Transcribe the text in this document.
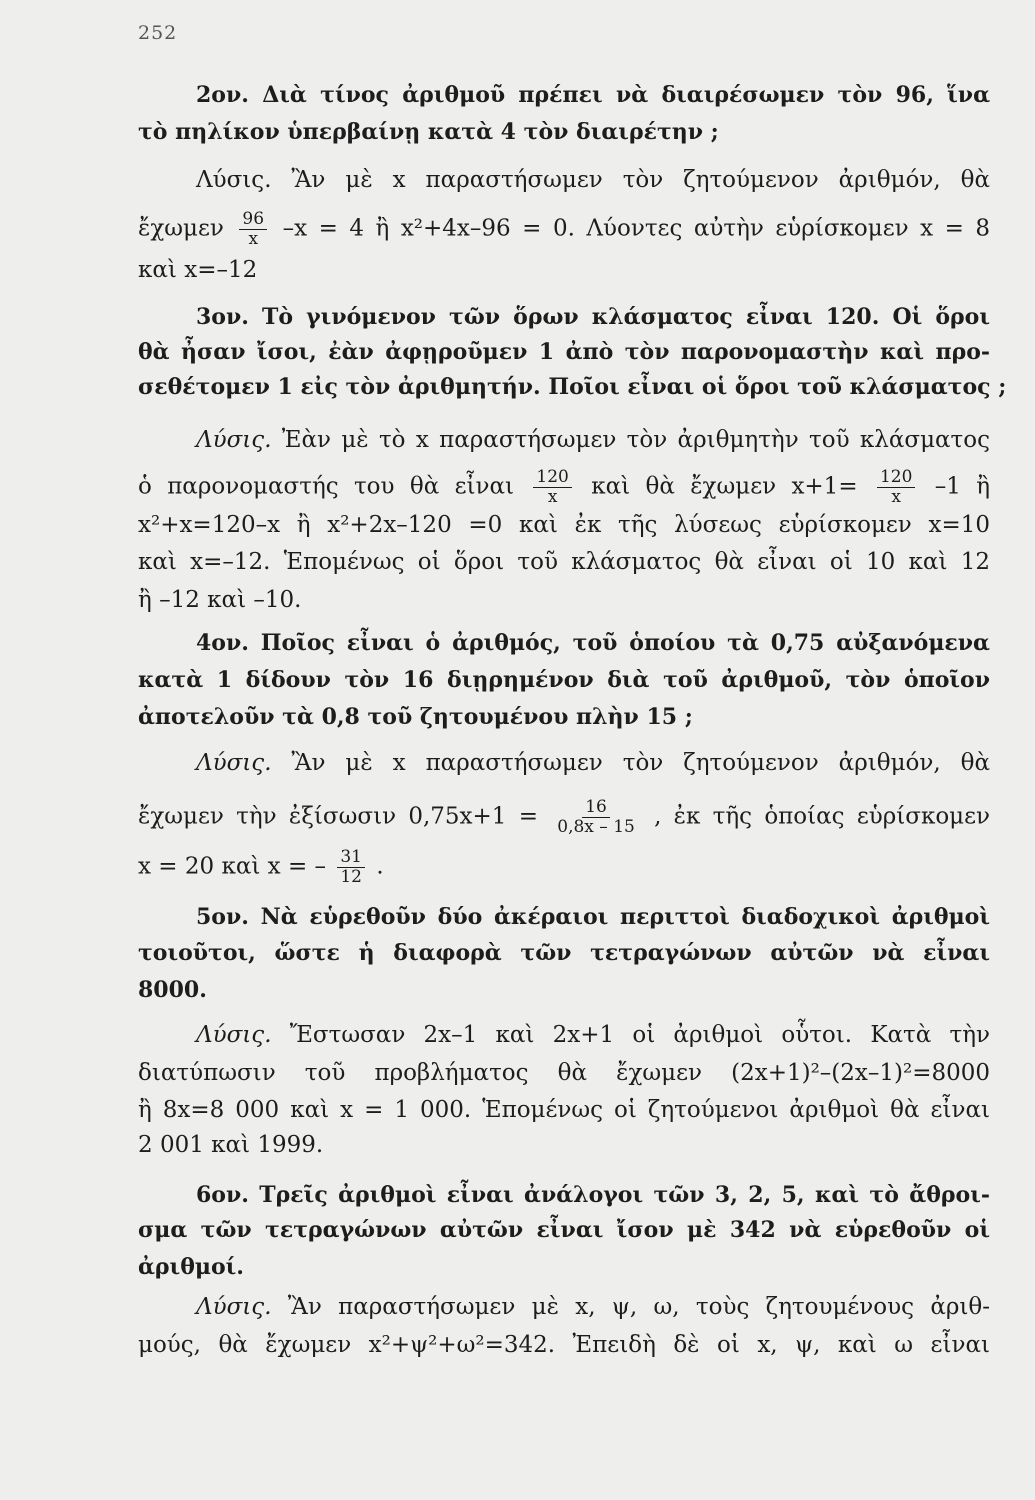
252
2ον. Διὰ τίνος ἀριθμοῦ πρέπει νὰ διαιρέσωμεν τὸν 96, ἵνα
τὸ πηλίκον ὑπερβαίνῃ κατὰ 4 τὸν διαιρέτην ;
Λύσις. Ἂν μὲ x παραστήσωμεν τὸν ζητούμενον ἀριθμόν, θὰ
ἔχωμεν $\frac{96}{x} -x = 4$ ἢ x²+4x–96 = 0. Λύοντες αὐτὴν εὑρίσκομεν x = 8
καὶ x=–12
3ον. Τὸ γινόμενον τῶν ὅρων κλάσματος εἶναι 120. Οἱ ὅροι
θὰ ἦσαν ἴσοι, ἐὰν ἀφῃροῦμεν 1 ἀπὸ τὸν παρονομαστὴν καὶ προ-
σεθέτομεν 1 εἰς τὸν ἀριθμητήν. Ποῖοι εἶναι οἱ ὅροι τοῦ κλάσματος ;
Λύσις. Ἐὰν μὲ τὸ x παραστήσωμεν τὸν ἀριθμητὴν τοῦ κλάσματος
ὁ παρονομαστής του θὰ εἶναι $\frac{120}{x}$ καὶ θὰ ἔχωμεν $x+1= \frac{120}{x} -1$ ἢ
x²+x=120–x ἢ x²+2x–120 =0 καὶ ἐκ τῆς λύσεως εὑρίσκομεν x=10
καὶ x=–12. Ἑπομένως οἱ ὅροι τοῦ κλάσματος θὰ εἶναι οἱ 10 καὶ 12
ἢ –12 καὶ –10.
4ον. Ποῖος εἶναι ὁ ἀριθμός, τοῦ ὁποίου τὰ 0,75 αὐξανόμενα
κατὰ 1 δίδουν τὸν 16 διῃρημένον διὰ τοῦ ἀριθμοῦ, τὸν ὁποῖον
ἀποτελοῦν τὰ 0,8 τοῦ ζητουμένου πλὴν 15 ;
Λύσις. Ἂν μὲ x παραστήσωμεν τὸν ζητούμενον ἀριθμόν, θὰ
ἔχωμεν τὴν ἐξίσωσιν $0,75x+1 = \frac{16}{0,8x - 15}$ , ἐκ τῆς ὁποίας εὑρίσκομεν
x = 20 καὶ x = – $\frac{31}{12}$ .
5ον. Νὰ εὑρεθοῦν δύο ἀκέραιοι περιττοὶ διαδοχικοὶ ἀριθμοὶ
τοιοῦτοι, ὥστε ἡ διαφορὰ τῶν τετραγώνων αὐτῶν νὰ εἶναι
8000.
Λύσις. Ἔστωσαν 2x–1 καὶ 2x+1 οἱ ἀριθμοὶ οὗτοι. Κατὰ τὴν
διατύπωσιν τοῦ προβλήματος θὰ ἔχωμεν (2x+1)²–(2x–1)²=8000
ἢ 8x=8 000 καὶ x = 1 000. Ἑπομένως οἱ ζητούμενοι ἀριθμοὶ θὰ εἶναι
2 001 καὶ 1999.
6ον. Τρεῖς ἀριθμοὶ εἶναι ἀνάλογοι τῶν 3, 2, 5, καὶ τὸ ἄθροι-
σμα τῶν τετραγώνων αὐτῶν εἶναι ἴσον μὲ 342 νὰ εὑρεθοῦν οἱ
ἀριθμοί.
Λύσις. Ἂν παραστήσωμεν μὲ x, ψ, ω, τοὺς ζητουμένους ἀριθ-
μούς, θὰ ἔχωμεν x²+ψ²+ω²=342. Ἐπειδὴ δὲ οἱ x, ψ, καὶ ω εἶναι
